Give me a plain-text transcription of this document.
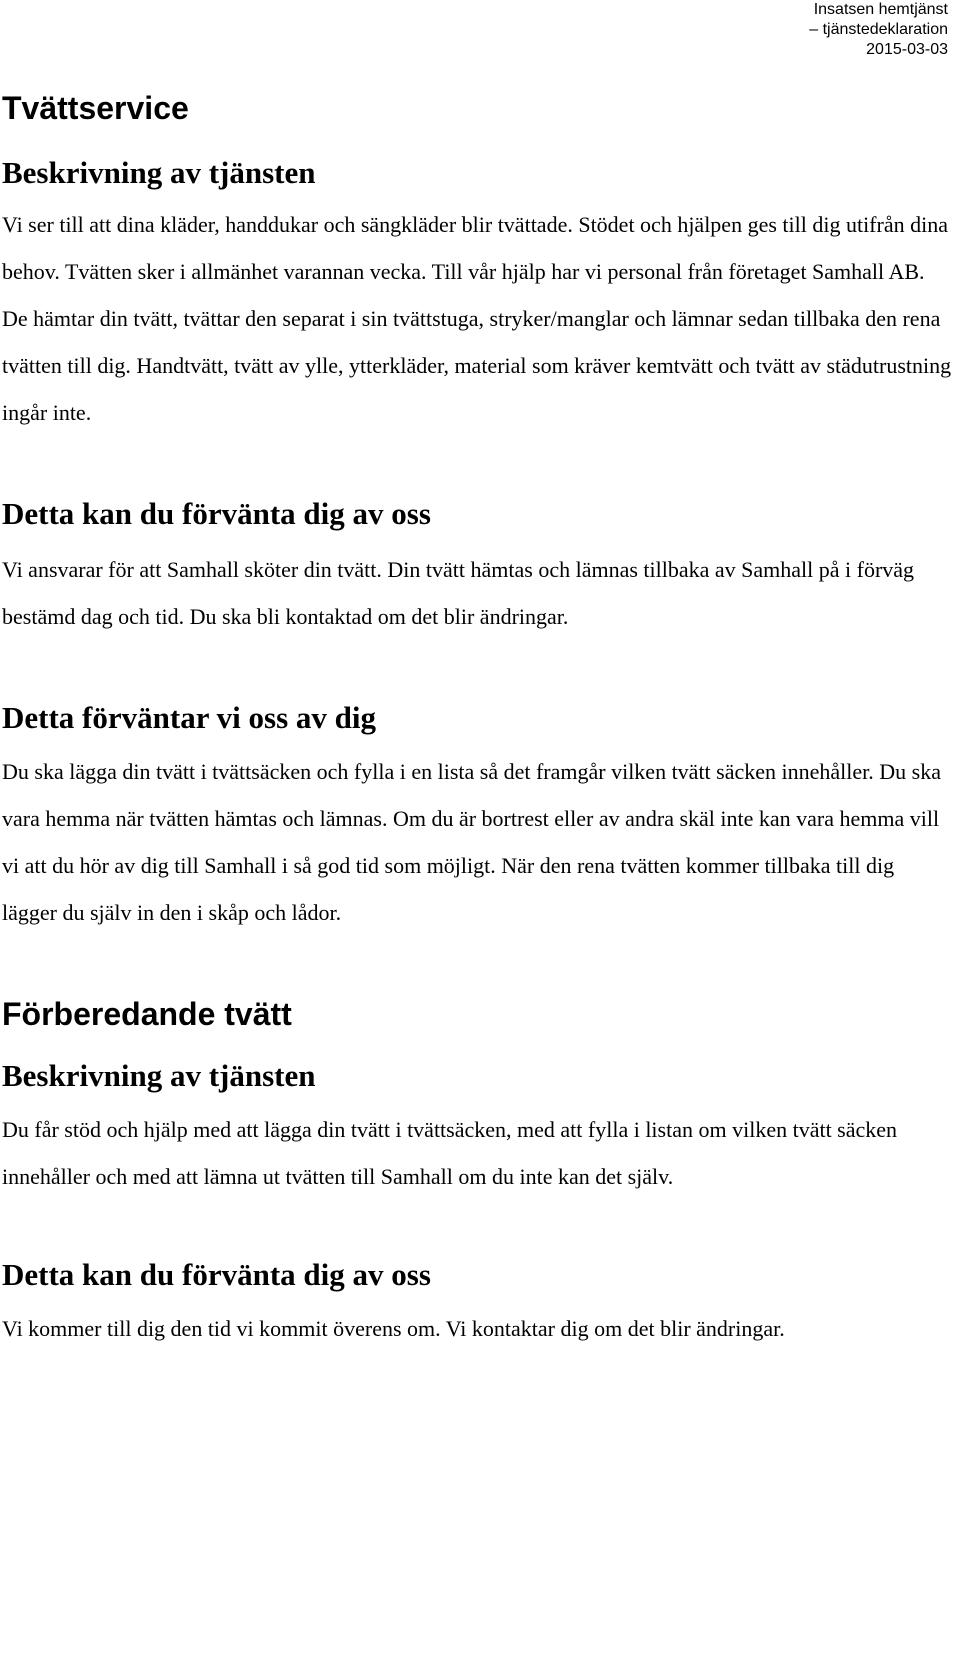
Insatsen hemtjänst
– tjänstedeklaration
2015-03-03
Tvättservice
Beskrivning av tjänsten

Vi ser till att dina kläder, handdukar och sängkläder blir tvättade. Stödet och hjälpen ges till dig utifrån dina behov. Tvätten sker i allmänhet varannan vecka. Till vår hjälp har vi personal från företaget Samhall AB. De hämtar din tvätt, tvättar den separat i sin tvättstuga, stryker/manglar och lämnar sedan tillbaka den rena tvätten till dig. Handtvätt, tvätt av ylle, ytterkläder, material som kräver kemtvätt och tvätt av städutrustning ingår inte.

Detta kan du förvänta dig av oss

Vi ansvarar för att Samhall sköter din tvätt. Din tvätt hämtas och lämnas tillbaka av Samhall på i förväg bestämd dag och tid. Du ska bli kontaktad om det blir ändringar.

Detta förväntar vi oss av dig

Du ska lägga din tvätt i tvättsäcken och fylla i en lista så det framgår vilken tvätt säcken innehåller. Du ska vara hemma när tvätten hämtas och lämnas. Om du är bortrest eller av andra skäl inte kan vara hemma vill vi att du hör av dig till Samhall i så god tid som möjligt. När den rena tvätten kommer tillbaka till dig lägger du själv in den i skåp och lådor.

Förberedande tvätt
Beskrivning av tjänsten

Du får stöd och hjälp med att lägga din tvätt i tvättsäcken, med att fylla i listan om vilken tvätt säcken innehåller och med att lämna ut tvätten till Samhall om du inte kan det själv.

Detta kan du förvänta dig av oss

Vi kommer till dig den tid vi kommit överens om. Vi kontaktar dig om det blir ändringar.
